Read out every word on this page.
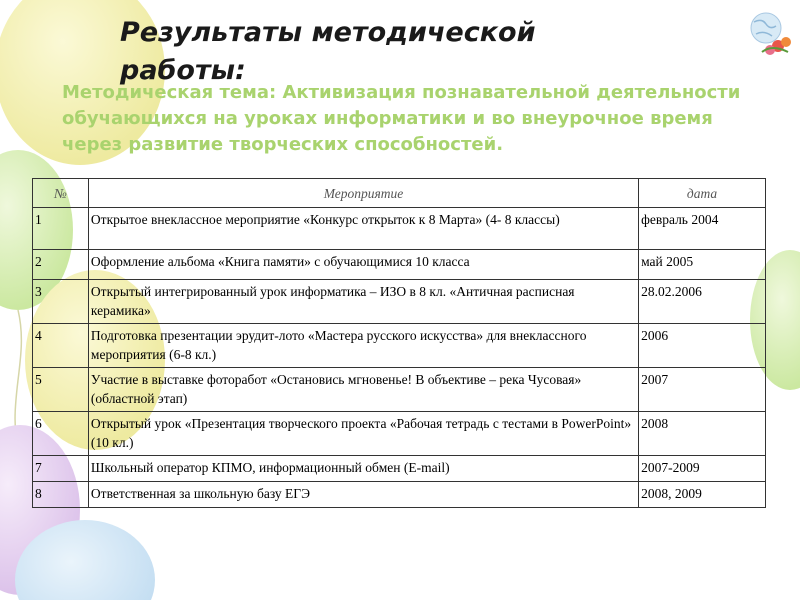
Результаты методической работы:
Методическая тема: Активизация познавательной деятельности обучающихся на уроках информатики и во внеурочное время через развитие творческих способностей.
№	Мероприятие	дата
1	Открытое внеклассное мероприятие «Конкурс открыток к 8 Марта» (4- 8 классы)	февраль 2004
2	Оформление альбома «Книга памяти» с обучающимися 10 класса	май 2005
3	Открытый интегрированный урок информатика – ИЗО в 8 кл. «Античная расписная керамика»	28.02.2006
4	Подготовка презентации эрудит-лото «Мастера русского искусства» для внеклассного мероприятия (6-8 кл.)	2006
5	Участие в выставке фоторабот «Остановись мгновенье! В объективе – река Чусовая» (областной этап)	2007
6	Открытый урок «Презентация творческого проекта «Рабочая тетрадь с тестами в PowerPoint» (10 кл.)	2008
7	Школьный оператор КПМО, информационный обмен (E-mail)	2007-2009
8	Ответственная за школьную базу ЕГЭ	2008, 2009
